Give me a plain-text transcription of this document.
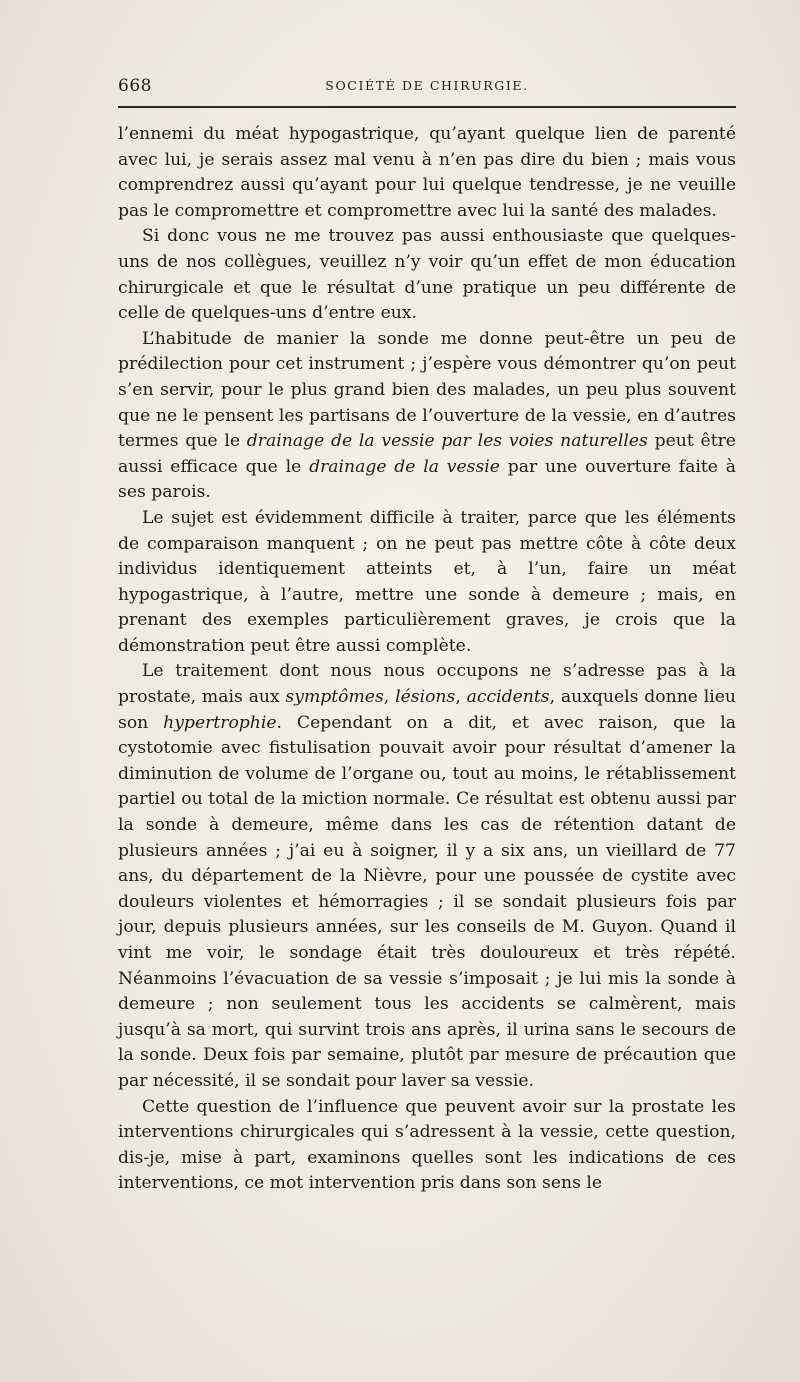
668	SOCIÉTÉ DE CHIRURGIE.

l’ennemi du méat hypogastrique, qu’ayant quelque lien de parenté avec lui, je serais assez mal venu à n’en pas dire du bien ; mais vous comprendrez aussi qu’ayant pour lui quelque tendresse, je ne veuille pas le compromettre et compromettre avec lui la santé des malades.

Si donc vous ne me trouvez pas aussi enthousiaste que quelques-uns de nos collègues, veuillez n’y voir qu’un effet de mon éducation chirurgicale et que le résultat d’une pratique un peu différente de celle de quelques-uns d’entre eux.

L’habitude de manier la sonde me donne peut-être un peu de prédilection pour cet instrument ; j’espère vous démontrer qu’on peut s’en servir, pour le plus grand bien des malades, un peu plus souvent que ne le pensent les partisans de l’ouverture de la vessie, en d’autres termes que le drainage de la vessie par les voies naturelles peut être aussi efficace que le drainage de la vessie par une ouverture faite à ses parois.

Le sujet est évidemment difficile à traiter, parce que les éléments de comparaison manquent ; on ne peut pas mettre côte à côte deux individus identiquement atteints et, à l’un, faire un méat hypogastrique, à l’autre, mettre une sonde à demeure ; mais, en prenant des exemples particulièrement graves, je crois que la démonstration peut être aussi complète.

Le traitement dont nous nous occupons ne s’adresse pas à la prostate, mais aux symptômes, lésions, accidents, auxquels donne lieu son hypertrophie. Cependant on a dit, et avec raison, que la cystotomie avec fistulisation pouvait avoir pour résultat d’amener la diminution de volume de l’organe ou, tout au moins, le rétablissement partiel ou total de la miction normale. Ce résultat est obtenu aussi par la sonde à demeure, même dans les cas de rétention datant de plusieurs années ; j’ai eu à soigner, il y a six ans, un vieillard de 77 ans, du département de la Nièvre, pour une poussée de cystite avec douleurs violentes et hémorragies ; il se sondait plusieurs fois par jour, depuis plusieurs années, sur les conseils de M. Guyon. Quand il vint me voir, le sondage était très douloureux et très répété. Néanmoins l’évacuation de sa vessie s’imposait ; je lui mis la sonde à demeure ; non seulement tous les accidents se calmèrent, mais jusqu’à sa mort, qui survint trois ans après, il urina sans le secours de la sonde. Deux fois par semaine, plutôt par mesure de précaution que par nécessité, il se sondait pour laver sa vessie.

Cette question de l’influence que peuvent avoir sur la prostate les interventions chirurgicales qui s’adressent à la vessie, cette question, dis-je, mise à part, examinons quelles sont les indications de ces interventions, ce mot intervention pris dans son sens le
